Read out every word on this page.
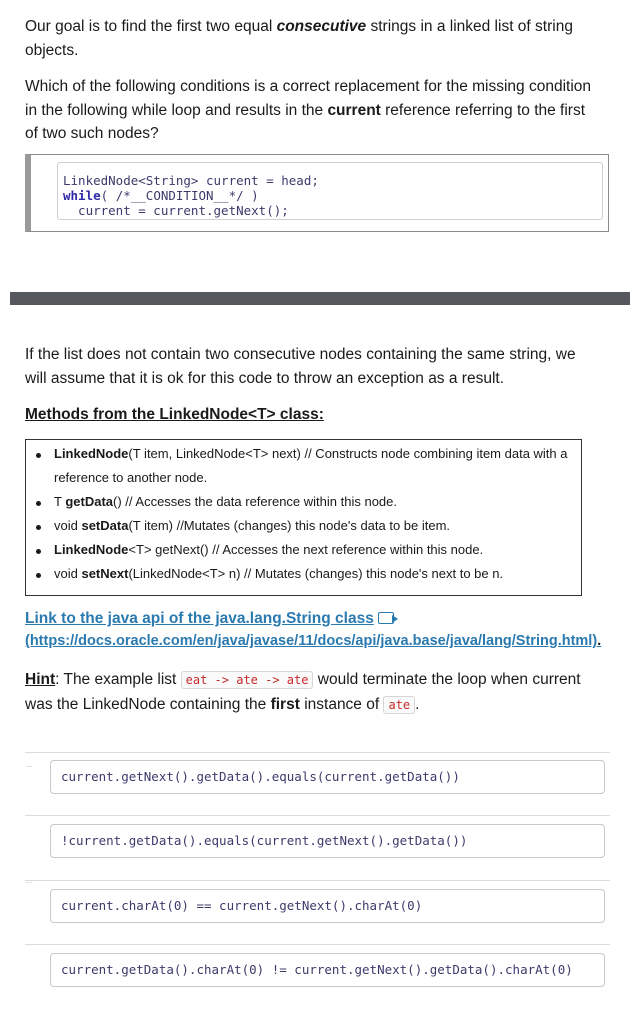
Our goal is to find the first two equal consecutive strings in a linked list of string
objects.

Which of the following conditions is a correct replacement for the missing condition
in the following while loop and results in the current reference referring to the first
of two such nodes?

LinkedNode<String> current = head;
while( /*__CONDITION__*/ )
current = current.getNext();

If the list does not contain two consecutive nodes containing the same string, we
will assume that it is ok for this code to throw an exception as a result.

Methods from the LinkedNode<T> class:
LinkedNode(T item, LinkedNode<T> next) // Constructs node combining item data with a
reference to another node.
T getData() // Accesses the data reference within this node.
void setData(T item) //Mutates (changes) this node's data to be item.
LinkedNode<T> getNext() // Accesses the next reference within this node.
void setNext(LinkedNode<T> n) // Mutates (changes) this node's next to be n.
Link to the java api of the java.lang.String class
(https://docs.oracle.com/en/java/javase/11/docs/api/java.base/java/lang/String.html).

Hint: The example list eat -> ate -> ate would terminate the loop when current
was the LinkedNode containing the first instance of ate .

current.getNext().getData().equals(current.getData())
!current.getData().equals(current.getNext().getData())
current.charAt(0) == current.getNext().charAt(0)
current.getData().charAt(0) != current.getNext().getData().charAt(0)
